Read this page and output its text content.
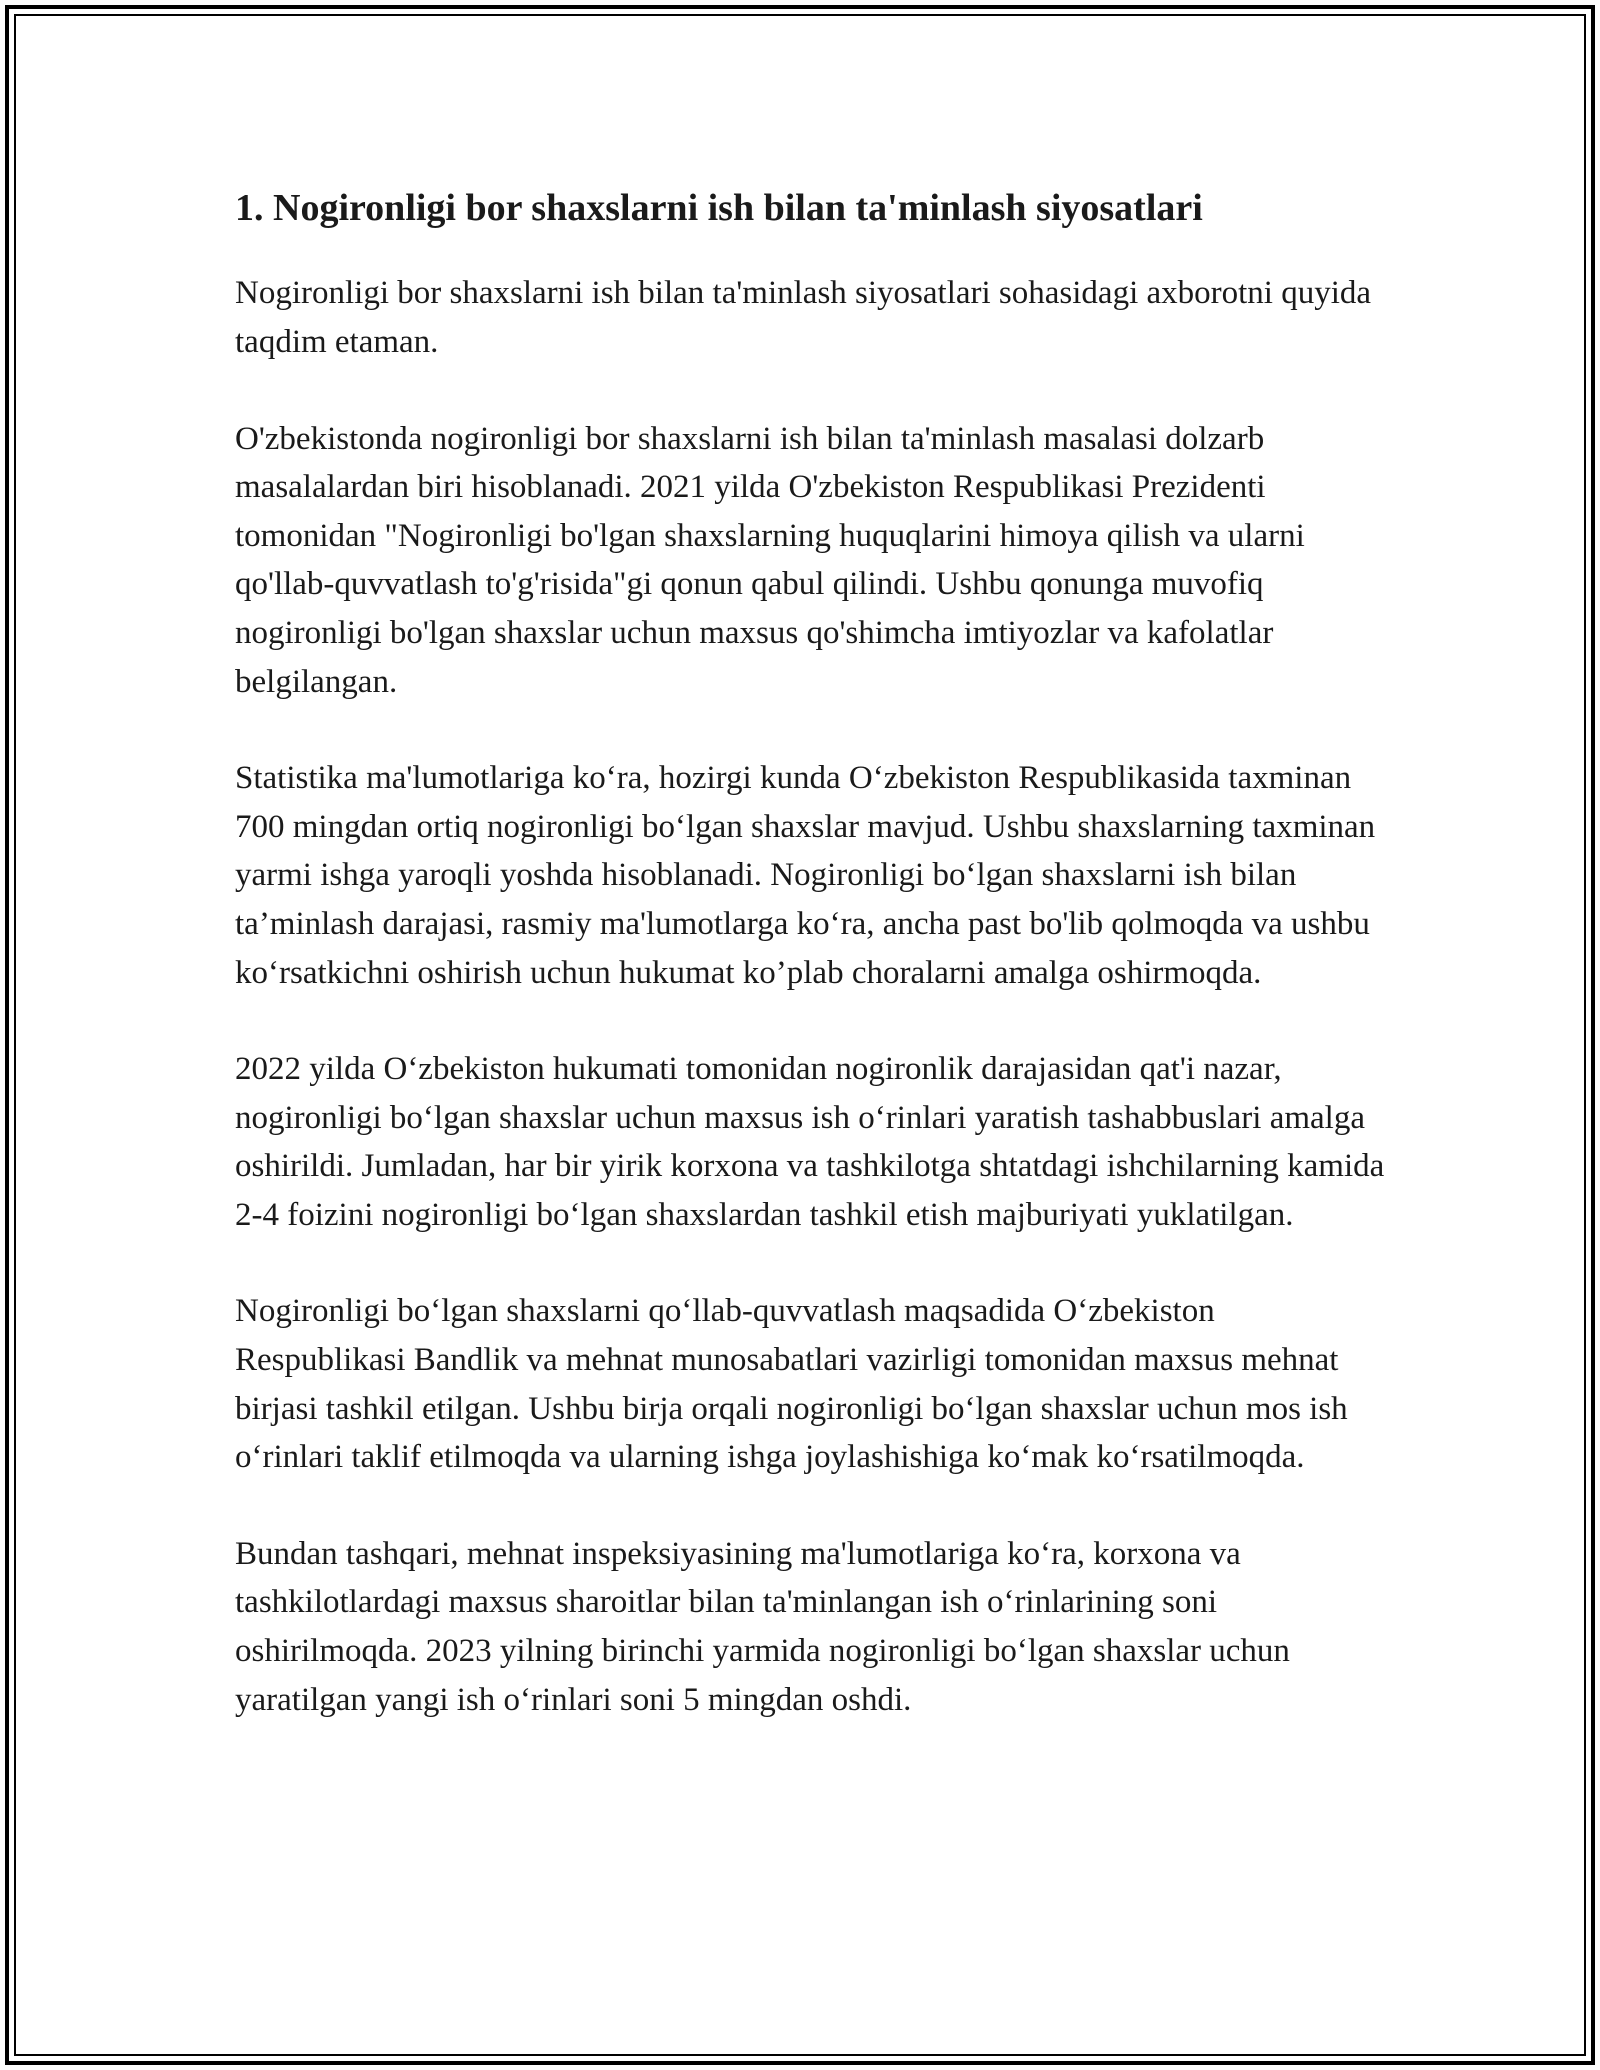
1. Nogironligi bor shaxslarni ish bilan ta'minlash siyosatlari

Nogironligi bor shaxslarni ish bilan ta'minlash siyosatlari sohasidagi axborotni quyida taqdim etaman.

O'zbekistonda nogironligi bor shaxslarni ish bilan ta'minlash masalasi dolzarb masalalardan biri hisoblanadi. 2021 yilda O'zbekiston Respublikasi Prezidenti tomonidan "Nogironligi bo'lgan shaxslarning huquqlarini himoya qilish va ularni qo'llab-quvvatlash to'g'risida"gi qonun qabul qilindi. Ushbu qonunga muvofiq nogironligi bo'lgan shaxslar uchun maxsus qo'shimcha imtiyozlar va kafolatlar belgilangan.

Statistika ma'lumotlariga ko‘ra, hozirgi kunda O‘zbekiston Respublikasida taxminan 700 mingdan ortiq nogironligi bo‘lgan shaxslar mavjud. Ushbu shaxslarning taxminan yarmi ishga yaroqli yoshda hisoblanadi. Nogironligi bo‘lgan shaxslarni ish bilan ta’minlash darajasi, rasmiy ma'lumotlarga ko‘ra, ancha past bo'lib qolmoqda va ushbu ko‘rsatkichni oshirish uchun hukumat ko’plab choralarni amalga oshirmoqda.

2022 yilda O‘zbekiston hukumati tomonidan nogironlik darajasidan qat'i nazar, nogironligi bo‘lgan shaxslar uchun maxsus ish o‘rinlari yaratish tashabbuslari amalga oshirildi. Jumladan, har bir yirik korxona va tashkilotga shtatdagi ishchilarning kamida 2-4 foizini nogironligi bo‘lgan shaxslardan tashkil etish majburiyati yuklatilgan.

Nogironligi bo‘lgan shaxslarni qo‘llab-quvvatlash maqsadida O‘zbekiston Respublikasi Bandlik va mehnat munosabatlari vazirligi tomonidan maxsus mehnat birjasi tashkil etilgan. Ushbu birja orqali nogironligi bo‘lgan shaxslar uchun mos ish o‘rinlari taklif etilmoqda va ularning ishga joylashishiga ko‘mak ko‘rsatilmoqda.

Bundan tashqari, mehnat inspeksiyasining ma'lumotlariga ko‘ra, korxona va tashkilotlardagi maxsus sharoitlar bilan ta'minlangan ish o‘rinlarining soni oshirilmoqda. 2023 yilning birinchi yarmida nogironligi bo‘lgan shaxslar uchun yaratilgan yangi ish o‘rinlari soni 5 mingdan oshdi.
